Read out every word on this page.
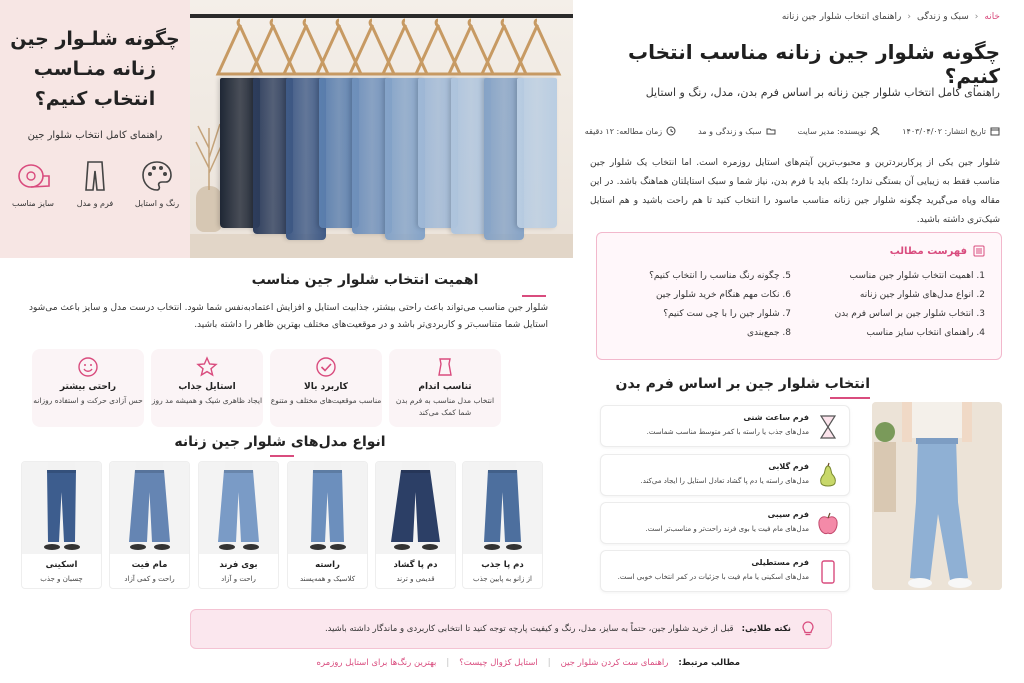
چگونه شلـوار جین
زنانه منـاسب
انتخاب کنیم؟
راهنمای کامل انتخاب شلوار جین
رنگ و استایل
فرم و مدل
سایز مناسب
خانه
‹
سبک و زندگی
‹
راهنمای انتخاب شلوار جین زنانه
چگونه شلوار جین زنانه مناسب انتخاب کنیم؟
راهنمای کامل انتخاب شلوار جین زنانه بر اساس فرم بدن، مدل، رنگ و استایل
تاریخ انتشار: ۱۴۰۳/۰۴/۰۲
نویسنده: مدیر سایت
سبک و زندگی و مد
زمان مطالعه: ۱۲ دقیقه

شلوار جین یکی از پرکاربردترین و محبوب‌ترین آیتم‌های استایل روزمره است. اما انتخاب یک شلوار جین مناسب فقط به زیبایی آن بستگی ندارد؛ بلکه باید با فرم بدن، نیاز شما و سبک استایلتان هماهنگ باشد. در این مقاله ویاه می‌گیرید چگونه شلوار جین زنانه مناسب ماسود را انتخاب کنید تا هم راحت باشید و هم استایل شیک‌تری داشته باشید.

فهرست مطالب
1. اهمیت انتخاب شلوار جین مناسب
2. انواع مدل‌های شلوار جین زنانه
3. انتخاب شلوار جین بر اساس فرم بدن
4. راهنمای انتخاب سایز مناسب
5. چگونه رنگ مناسب را انتخاب کنیم؟
6. نکات مهم هنگام خرید شلوار جین
7. شلوار جین را با چی ست کنیم؟
8. جمع‌بندی
انتخاب شلوار جین بر اساس فرم بدن
فرم ساعت شنی
مدل‌های جذب یا راسته با کمر متوسط مناسب شماست.
فرم گلابی
مدل‌های راسته یا دم پا گشاد تعادل استایل را ایجاد می‌کند.
فرم سیبی
مدل‌های مام فیت یا بوی فرند راحت‌تر و مناسب‌تر است.
فرم مستطیلی
مدل‌های اسکینی یا مام فیت با جزئیات در کمر انتخاب خوبی است.
اهمیت انتخاب شلوار جین مناسب

شلوار جین مناسب می‌تواند باعث راحتی بیشتر، جذابیت استایل و افزایش اعتمادبه‌نفس شما شود. انتخاب درست مدل و سایز باعث می‌شود استایل شما متناسب‌تر و کاربردی‌تر باشد و در موقعیت‌های مختلف بهترین ظاهر را داشته باشید.

تناسب اندام
انتخاب مدل مناسب به فرم بدن شما کمک می‌کند
کاربرد بالا
مناسب موقعیت‌های مختلف و متنوع
استایل جذاب
ایجاد ظاهری شیک و همیشه مد روز
راحتی بیشتر
حس آزادی حرکت و استفاده روزانه
انواع مدل‌های شلوار جین زنانه
دم پا جذب
از زانو به پایین جذب
دم پا گشاد
قدیمی و ترند
راسته
کلاسیک و همه‌پسند
بوی فرند
راحت و آزاد
مام فیت
راحت و کمی آزاد
اسکینی
چسبان و جذب
نکته طلایی:
قبل از خرید شلوار جین، حتماً به سایز، مدل، رنگ و کیفیت پارچه توجه کنید تا انتخابی کاربردی و ماندگار داشته باشید.
مطالب مرتبط:
راهنمای ست کردن شلوار جین
|
استایل کژوال چیست؟
|
بهترین رنگ‌ها برای استایل روزمره
